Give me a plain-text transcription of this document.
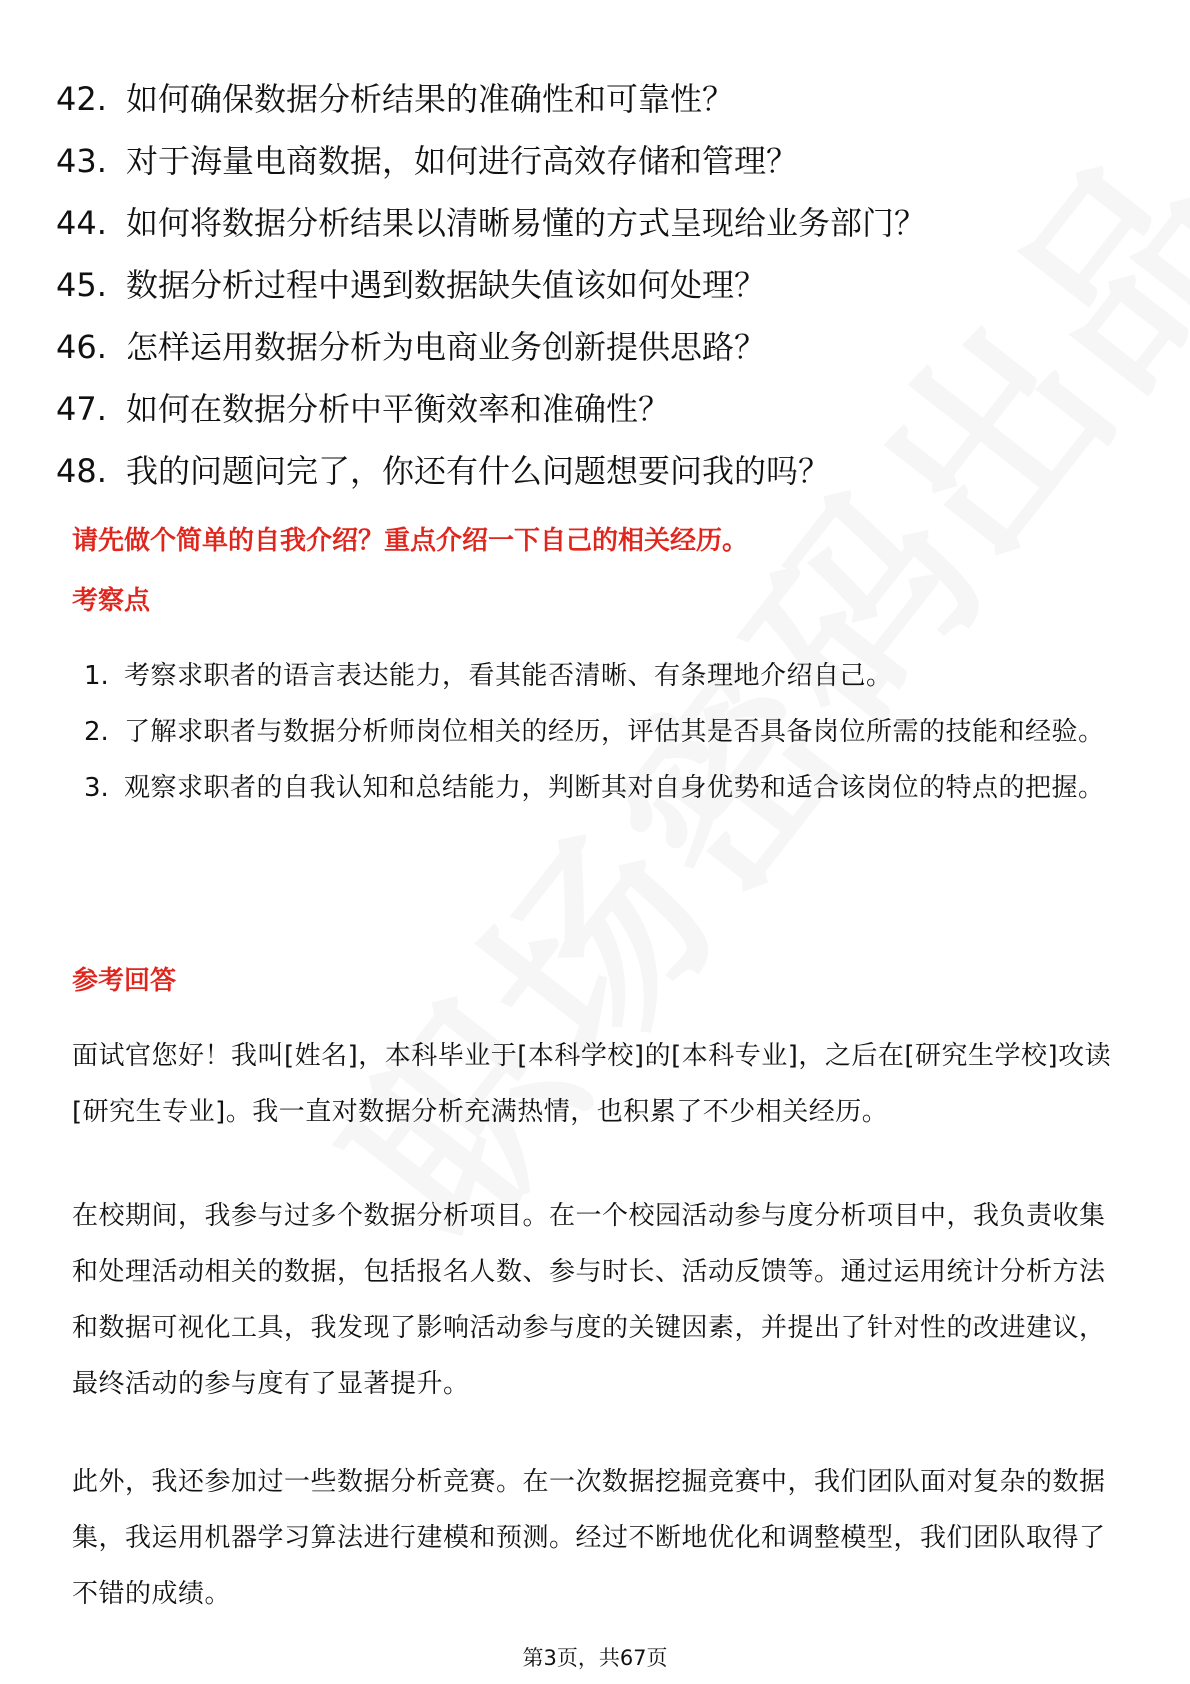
42. 如何确保数据分析结果的准确性和可靠性？
43. 对于海量电商数据，如何进行高效存储和管理？
44. 如何将数据分析结果以清晰易懂的方式呈现给业务部门？
45. 数据分析过程中遇到数据缺失值该如何处理？
46. 怎样运用数据分析为电商业务创新提供思路？
47. 如何在数据分析中平衡效率和准确性？
48. 我的问题问完了，你还有什么问题想要问我的吗？
请先做个简单的自我介绍？重点介绍一下自己的相关经历。
考察点
1. 考察求职者的语言表达能力，看其能否清晰、有条理地介绍自己。
2. 了解求职者与数据分析师岗位相关的经历，评估其是否具备岗位所需的技能和经验。
3. 观察求职者的自我认知和总结能力，判断其对自身优势和适合该岗位的特点的把握。
参考回答

面试官您好！我叫[姓名]，本科毕业于[本科学校]的[本科专业]，之后在[研究生学校]攻读[研究生专业]。我一直对数据分析充满热情，也积累了不少相关经历。

在校期间，我参与过多个数据分析项目。在一个校园活动参与度分析项目中，我负责收集和处理活动相关的数据，包括报名人数、参与时长、活动反馈等。通过运用统计分析方法和数据可视化工具，我发现了影响活动参与度的关键因素，并提出了针对性的改进建议，最终活动的参与度有了显著提升。

此外，我还参加过一些数据分析竞赛。在一次数据挖掘竞赛中，我们团队面对复杂的数据集，我运用机器学习算法进行建模和预测。经过不断地优化和调整模型，我们团队取得了不错的成绩。

第3页，共67页
